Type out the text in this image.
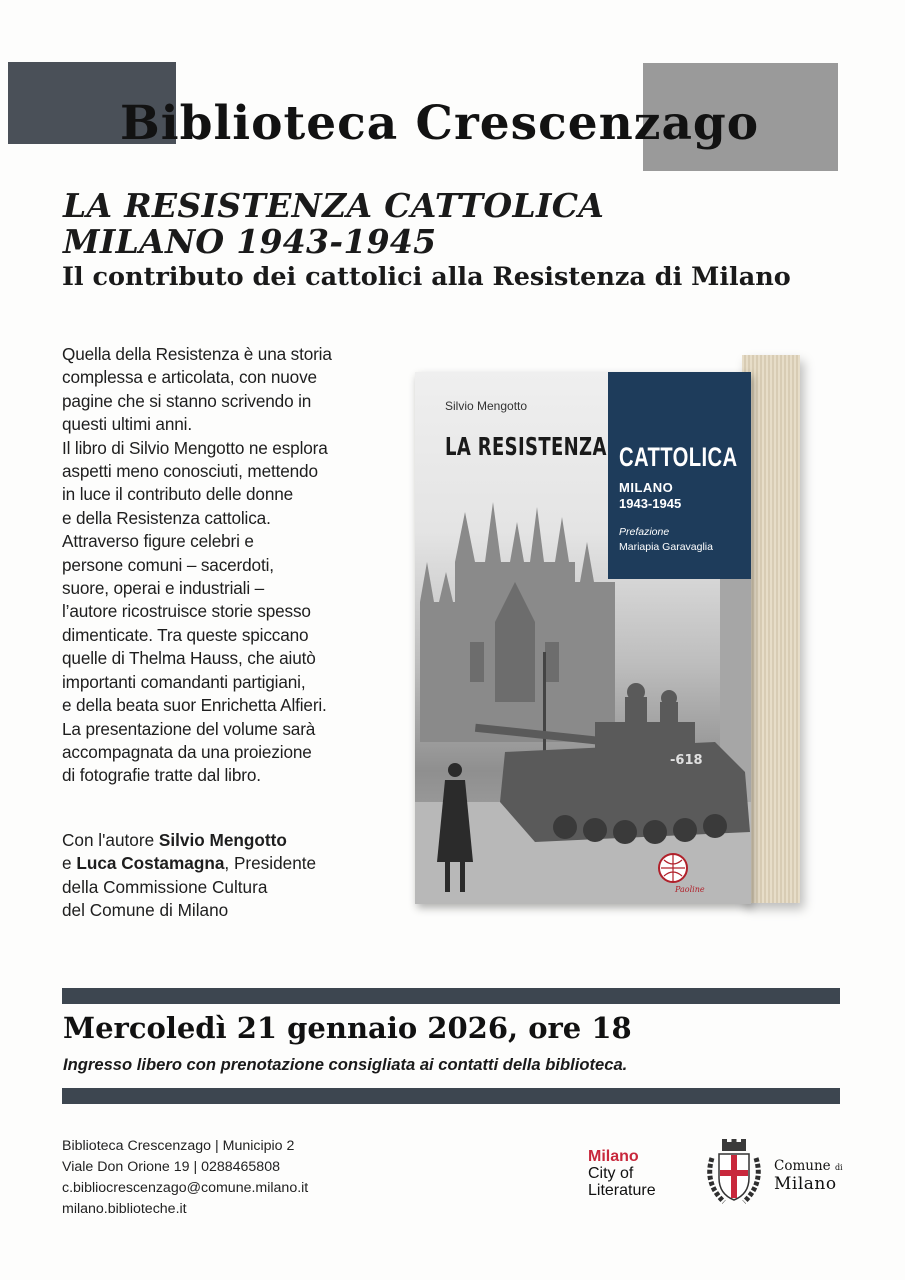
Biblioteca Crescenzago
LA RESISTENZA CATTOLICA
MILANO 1943-1945
Il contributo dei cattolici alla Resistenza di Milano

Quella della Resistenza è una storia

complessa e articolata, con nuove

pagine che si stanno scrivendo in

questi ultimi anni.

Il libro di Silvio Mengotto ne esplora

aspetti meno conosciuti, mettendo

in luce il contributo delle donne

e della Resistenza cattolica.

Attraverso figure celebri e

persone comuni – sacerdoti,

suore, operai e industriali –

l’autore ricostruisce storie spesso

dimenticate. Tra queste spiccano

quelle di Thelma Hauss, che aiutò

importanti comandanti partigiani,

e della beata suor Enrichetta Alfieri.

La presentazione del volume sarà

accompagnata da una proiezione

di fotografie tratte dal libro.

Con l'autore Silvio Mengotto

e Luca Costamagna, Presidente

della Commissione Cultura

del Comune di Milano

-618
Silvio Mengotto
LA RESISTENZA CATTOLICA
MILANO
1943-1945
Prefazione
Mariapia Garavaglia
Paoline
Mercoledì 21 gennaio 2026, ore 18
Ingresso libero con prenotazione consigliata ai contatti della biblioteca.
Biblioteca Crescenzago | Municipio 2
Viale Don Orione 19 | 0288465808
c.bibliocrescenzago@comune.milano.it
milano.biblioteche.it
Milano
City of
Literature
Comune di
Milano
